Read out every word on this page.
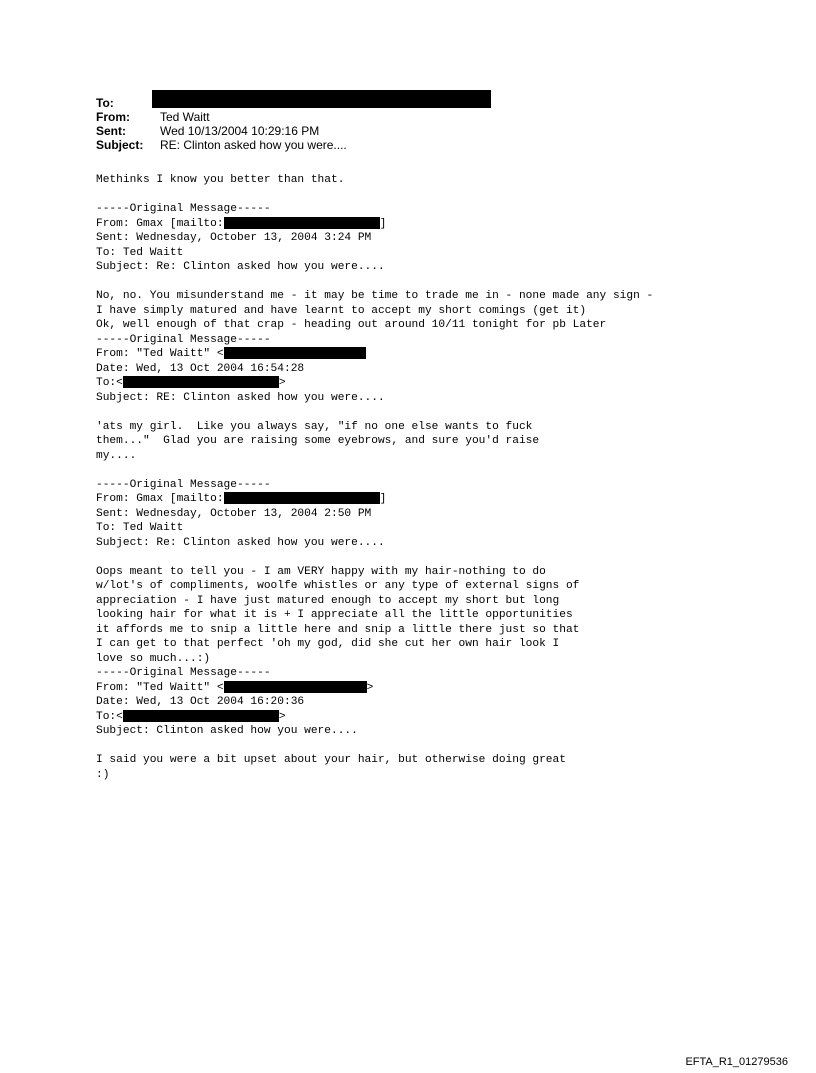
To:
From:	Ted Waitt
Sent:	Wed 10/13/2004 10:29:16 PM
Subject:	RE: Clinton asked how you were....
Methinks I know you better than that.
-----Original Message-----
From: Gmax [mailto:	]
Sent: Wednesday, October 13, 2004 3:24 PM
To: Ted Waitt
Subject: Re: Clinton asked how you were....
No, no. You misunderstand me - it may be time to trade me in - none made any sign -
I have simply matured and have learnt to accept my short comings (get it)
Ok, well enough of that crap - heading out around 10/11 tonight for pb Later
-----Original Message-----
From: "Ted Waitt" <
Date: Wed, 13 Oct 2004 16:54:28
To:<	>
Subject: RE: Clinton asked how you were....
'ats my girl.  Like you always say, "if no one else wants to fuck
them..."  Glad you are raising some eyebrows, and sure you'd raise
my....
-----Original Message-----
From: Gmax [mailto:	]
Sent: Wednesday, October 13, 2004 2:50 PM
To: Ted Waitt
Subject: Re: Clinton asked how you were....
Oops meant to tell you - I am VERY happy with my hair-nothing to do
w/lot's of compliments, woolfe whistles or any type of external signs of
appreciation - I have just matured enough to accept my short but long
looking hair for what it is + I appreciate all the little opportunities
it affords me to snip a little here and snip a little there just so that
I can get to that perfect 'oh my god, did she cut her own hair look I
love so much...:)
-----Original Message-----
From: "Ted Waitt" <	>
Date: Wed, 13 Oct 2004 16:20:36
To:<	>
Subject: Clinton asked how you were....
I said you were a bit upset about your hair, but otherwise doing great
:)
EFTA_R1_01279536
